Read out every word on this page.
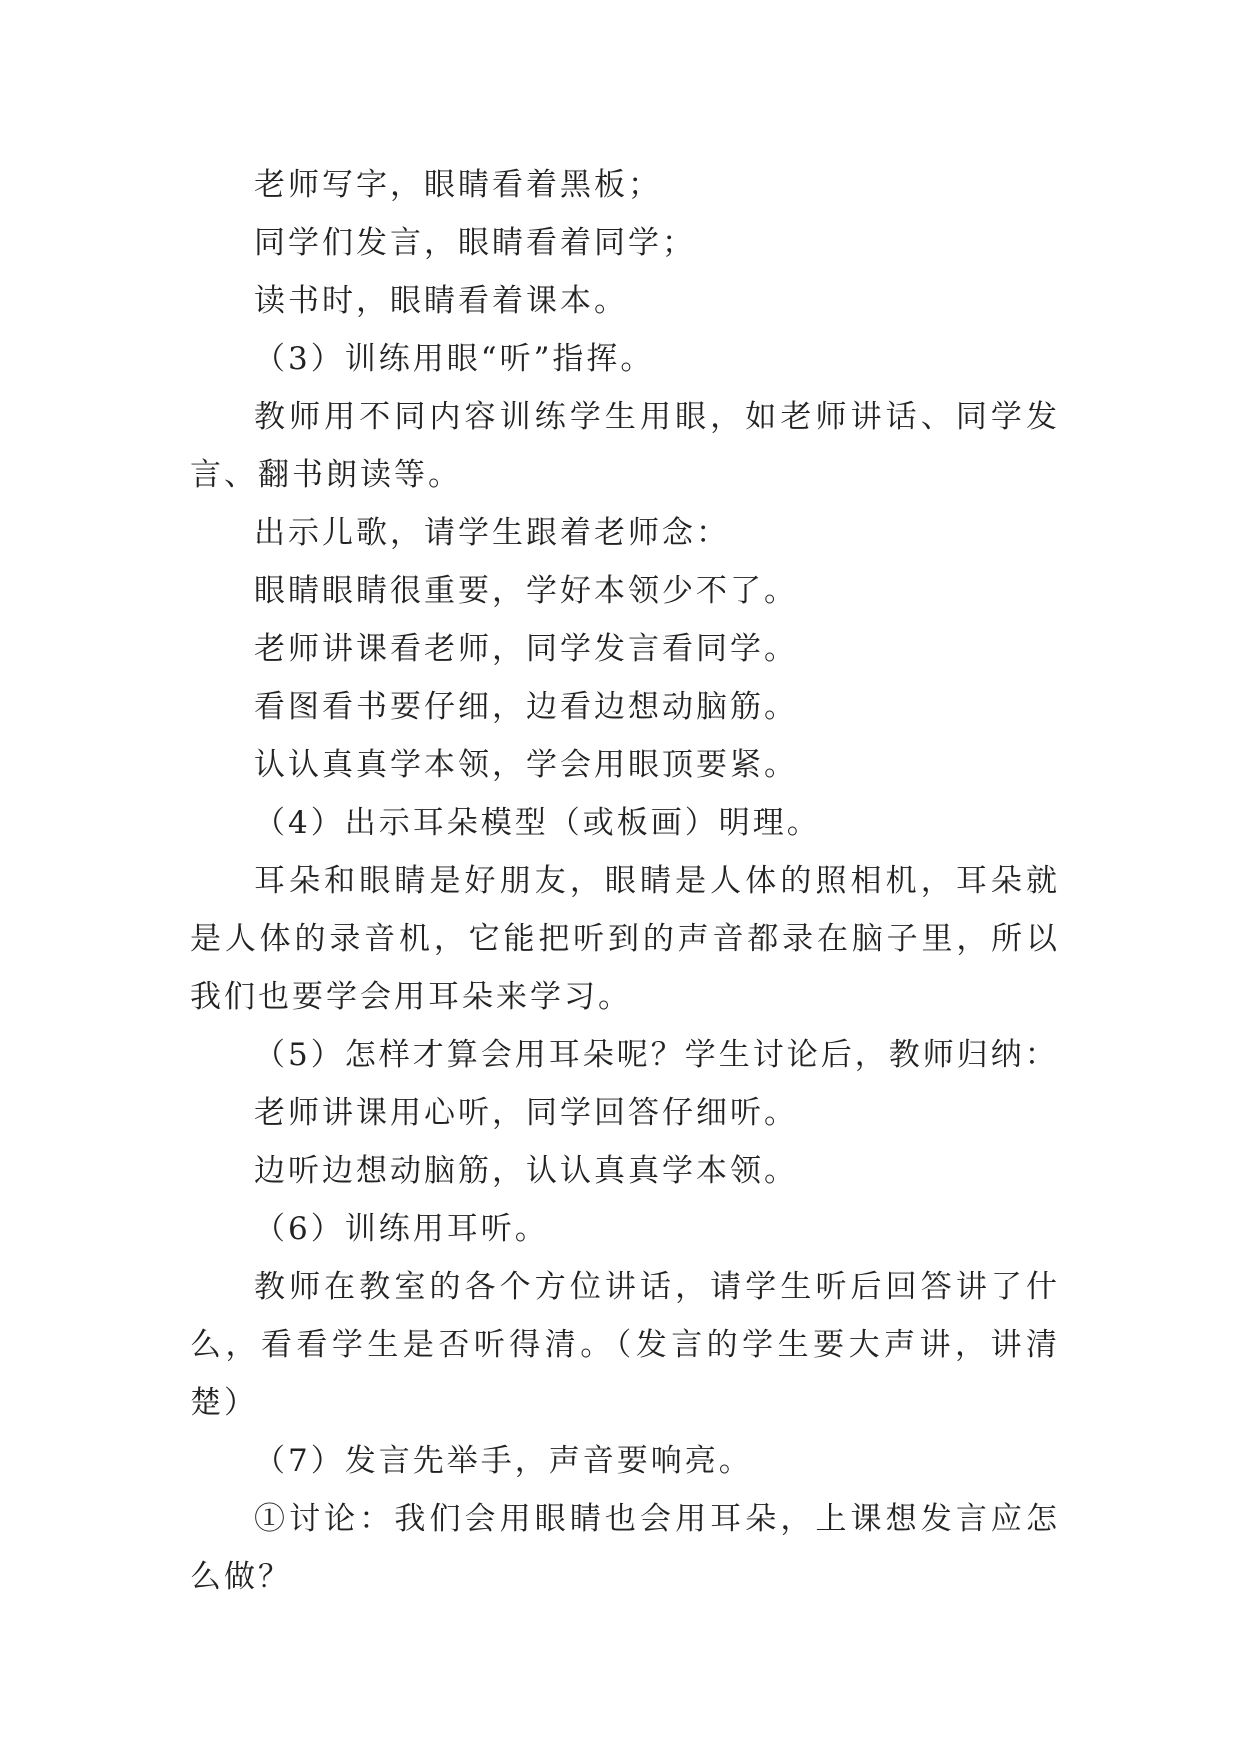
老师写字，眼睛看着黑板；

同学们发言，眼睛看着同学；

读书时，眼睛看着课本。

（3）训练用眼“听”指挥。

教师用不同内容训练学生用眼，如老师讲话、同学发言、翻书朗读等。

出示儿歌，请学生跟着老师念：

眼睛眼睛很重要，学好本领少不了。

老师讲课看老师，同学发言看同学。

看图看书要仔细，边看边想动脑筋。

认认真真学本领，学会用眼顶要紧。

（4）出示耳朵模型（或板画）明理。

耳朵和眼睛是好朋友，眼睛是人体的照相机，耳朵就是人体的录音机，它能把听到的声音都录在脑子里，所以我们也要学会用耳朵来学习。

（5）怎样才算会用耳朵呢？学生讨论后，教师归纳：

老师讲课用心听，同学回答仔细听。

边听边想动脑筋，认认真真学本领。

（6）训练用耳听。

教师在教室的各个方位讲话，请学生听后回答讲了什么，看看学生是否听得清。（发言的学生要大声讲，讲清楚）

（7）发言先举手，声音要响亮。

①讨论：我们会用眼睛也会用耳朵，上课想发言应怎么做？
